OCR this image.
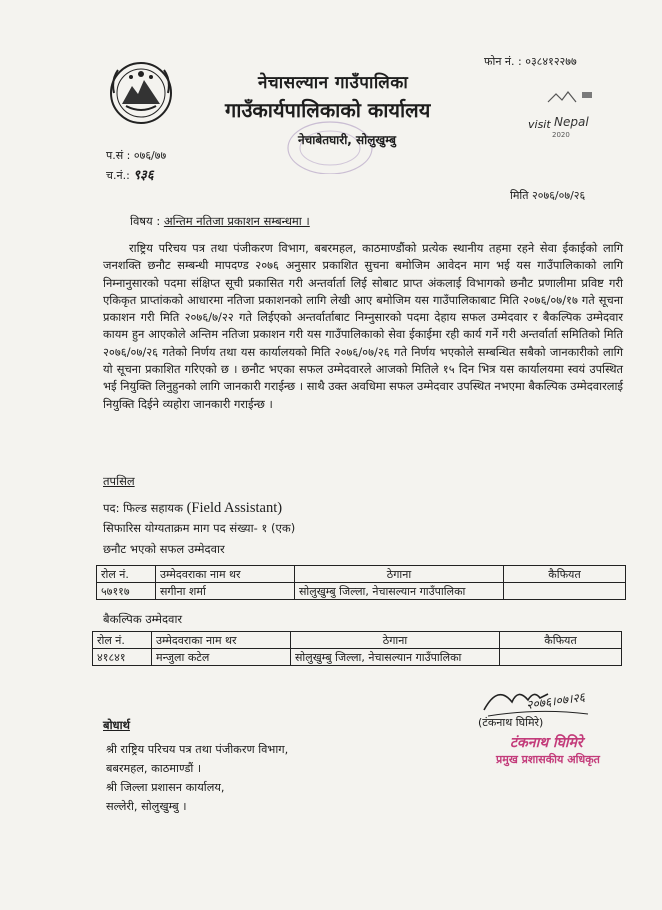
फोन नं. : ०३८४१२२७७
नेचासल्यान गाउँपालिका
गाउँकार्यपालिकाको कार्यालय
नेचाबेतघारी, सोलुखुम्बु
visit Nepal
2020
प.सं : ०७६/७७
च.नं.: ९३६
मिति २०७६/०७/२६
विषय : अन्तिम नतिजा प्रकाशन सम्बन्धमा ।
राष्ट्रिय परिचय पत्र तथा पंजीकरण विभाग, बबरमहल, काठमाण्डौंको प्रत्येक स्थानीय तहमा रहने सेवा ईकाईको लागि जनशक्ति छनौट सम्बन्धी मापदण्ड २०७६ अनुसार प्रकाशित सुचना बमोजिम आवेदन माग भई यस गाउँपालिकाको लागि निम्नानुसारको पदमा संक्षिप्त सूची प्रकासित गरी अन्तर्वार्ता लिई सोबाट प्राप्त अंकलाई विभागको छनौट प्रणालीमा प्रविष्ट गरी एकिकृत प्राप्तांकको आधारमा नतिजा प्रकाशनको लागि लेखी आए बमोजिम यस गाउँपालिकाबाट मिति २०७६/०७/१७ गते सूचना प्रकाशन गरी मिति २०७६/७/२२ गते लिईएको अन्तर्वार्ताबाट निम्नुसारको पदमा देहाय सफल उम्मेदवार र बैकल्पिक उम्मेदवार कायम हुन आएकोले अन्तिम नतिजा प्रकाशन गरी यस गाउँपालिकाको सेवा ईकाईमा रही कार्य गर्ने गरी अन्तर्वार्ता समितिको मिति २०७६/०७/२६ गतेको निर्णय तथा यस कार्यालयको मिति २०७६/०७/२६ गते निर्णय भएकोले सम्बन्धित सबैको जानकारीको लागि यो सूचना प्रकाशित गरिएको छ । छनौट भएका सफल उम्मेदवारले आजको मितिले १५ दिन भित्र यस कार्यालयमा स्वयं उपस्थित भई नियुक्ति लिनुहुनको लागि जानकारी गराईन्छ । साथै उक्त अवधिमा सफल उम्मेदवार उपस्थित नभएमा बैकल्पिक उम्मेदवारलाई नियुक्ति दिईने व्यहोरा जानकारी गराईन्छ ।
तपसिल
पद: फिल्ड सहायक (Field Assistant)
सिफारिस योग्यताक्रम माग पद संख्या- १ (एक)
छनौट भएको सफल उम्मेदवार
रोल नं.	उम्मेदवराका नाम थर	ठेगाना	कैफियत
५७११७	सगीना शर्मा	सोलुखुम्बु जिल्ला, नेचासल्यान गाउँपालिका	
बैकल्पिक उम्मेदवार
रोल नं.	उम्मेदवराका नाम थर	ठेगाना	कैफियत
४१८४१	मन्जुला कटेल	सोलुखुम्बु जिल्ला, नेचासल्यान गाउँपालिका	
२०७६।०७।२६
(टंकनाथ घिमिरे)
टंकनाथ घिमिरे
प्रमुख प्रशासकीय अधिकृत
बोधार्थ
श्री राष्ट्रिय परिचय पत्र तथा पंजीकरण विभाग,
बबरमहल, काठमाण्डौं ।
श्री जिल्ला प्रशासन कार्यालय,
सल्लेरी, सोलुखुम्बु ।
